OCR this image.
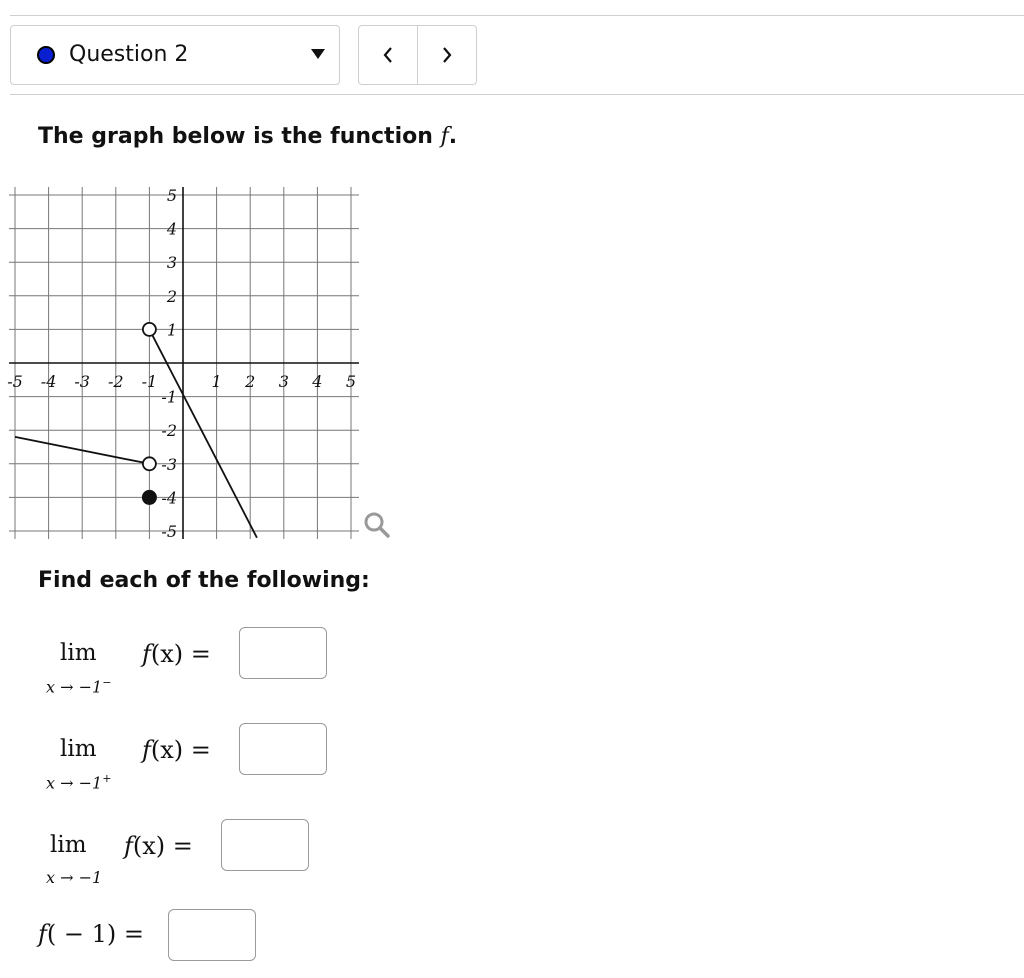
Question 2
The graph below is the function f.
-5 -4 -3 -2 -1	1 2 3 4 5
5
4
3
2
1
-1
-2
-3
-4
-5
Find each of the following:
lim
x → −1−
f(x) =
lim
x → −1+
f(x) =
lim
x → −1
f(x) =
f( − 1) =
